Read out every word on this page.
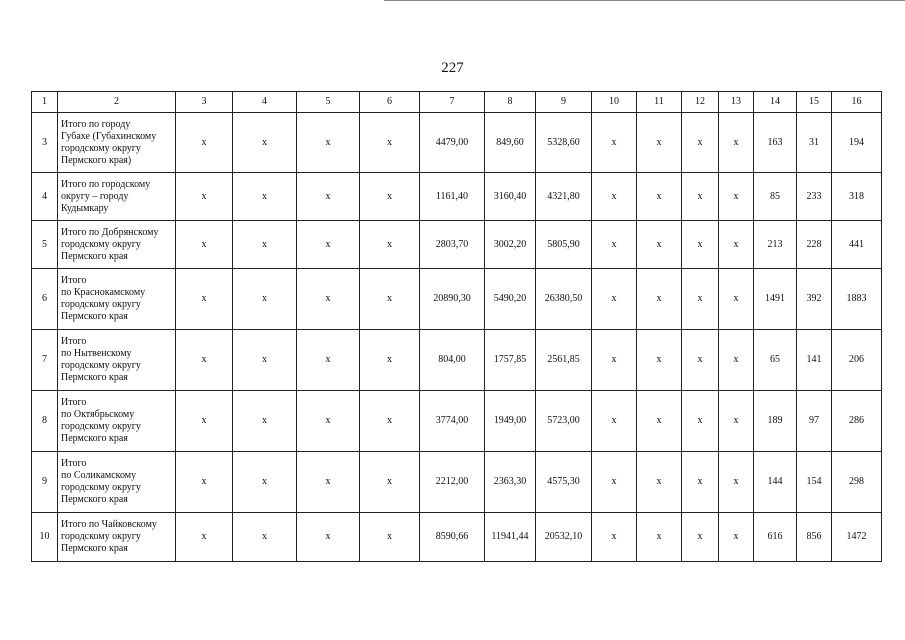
227
1	2	3	4	5	6	7	8	9	10	11	12	13	14	15	16
3	Итого по городу
Губахе (Губахинскому
городскому округу
Пермского края)	x	x	x	x	4479,00	849,60	5328,60	x	x	x	x	163	31	194
4	Итого по городскому
округу – городу
Кудымкару	x	x	x	x	1161,40	3160,40	4321,80	x	x	x	x	85	233	318
5	Итого по Добрянскому
городскому округу
Пермского края	x	x	x	x	2803,70	3002,20	5805,90	x	x	x	x	213	228	441
6	Итого
по Краснокамскому
городскому округу
Пермского края	x	x	x	x	20890,30	5490,20	26380,50	x	x	x	x	1491	392	1883
7	Итого
по Нытвенскому
городскому округу
Пермского края	x	x	x	x	804,00	1757,85	2561,85	x	x	x	x	65	141	206
8	Итого
по Октябрьскому
городскому округу
Пермского края	x	x	x	x	3774,00	1949,00	5723,00	x	x	x	x	189	97	286
9	Итого
по Соликамскому
городскому округу
Пермского края	x	x	x	x	2212,00	2363,30	4575,30	x	x	x	x	144	154	298
10	Итого по Чайковскому
городскому округу
Пермского края	x	x	x	x	8590,66	11941,44	20532,10	x	x	x	x	616	856	1472
